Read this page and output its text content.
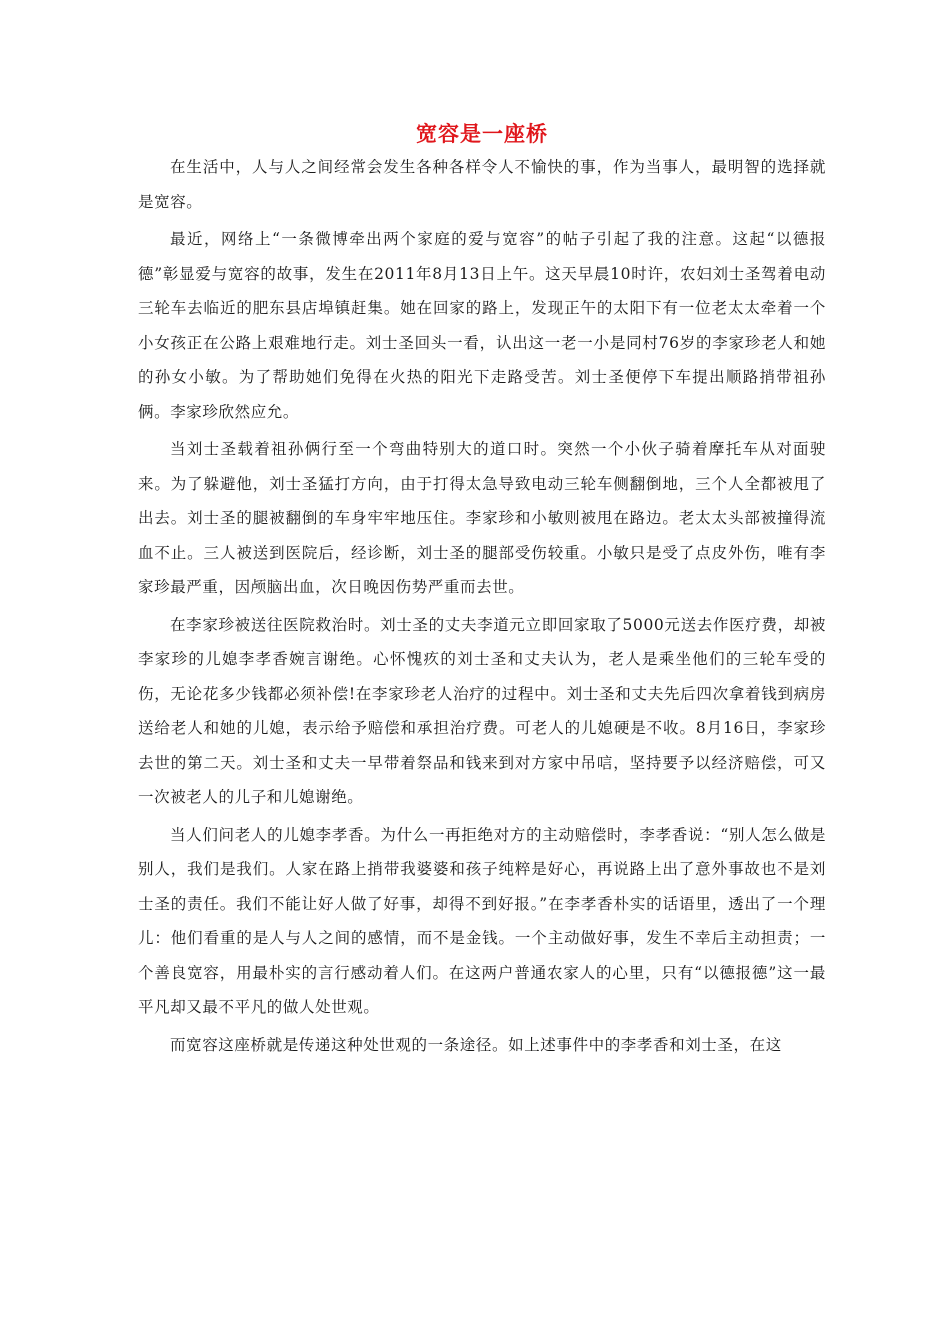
宽容是一座桥

在生活中，人与人之间经常会发生各种各样令人不愉快的事，作为当事人，最明智的选择就是宽容。

最近，网络上“一条微博牵出两个家庭的爱与宽容”的帖子引起了我的注意。这起“以德报德”彰显爱与宽容的故事，发生在2011年8月13日上午。这天早晨10时许，农妇刘士圣驾着电动三轮车去临近的肥东县店埠镇赶集。她在回家的路上，发现正午的太阳下有一位老太太牵着一个小女孩正在公路上艰难地行走。刘士圣回头一看，认出这一老一小是同村76岁的李家珍老人和她的孙女小敏。为了帮助她们免得在火热的阳光下走路受苦。刘士圣便停下车提出顺路捎带祖孙俩。李家珍欣然应允。

当刘士圣载着祖孙俩行至一个弯曲特别大的道口时。突然一个小伙子骑着摩托车从对面驶来。为了躲避他，刘士圣猛打方向，由于打得太急导致电动三轮车侧翻倒地，三个人全都被甩了出去。刘士圣的腿被翻倒的车身牢牢地压住。李家珍和小敏则被甩在路边。老太太头部被撞得流血不止。三人被送到医院后，经诊断，刘士圣的腿部受伤较重。小敏只是受了点皮外伤，唯有李家珍最严重，因颅脑出血，次日晚因伤势严重而去世。

在李家珍被送往医院救治时。刘士圣的丈夫李道元立即回家取了5000元送去作医疗费，却被李家珍的儿媳李孝香婉言谢绝。心怀愧疚的刘士圣和丈夫认为，老人是乘坐他们的三轮车受的伤，无论花多少钱都必须补偿!在李家珍老人治疗的过程中。刘士圣和丈夫先后四次拿着钱到病房送给老人和她的儿媳，表示给予赔偿和承担治疗费。可老人的儿媳硬是不收。8月16日，李家珍去世的第二天。刘士圣和丈夫一早带着祭品和钱来到对方家中吊唁，坚持要予以经济赔偿，可又一次被老人的儿子和儿媳谢绝。

当人们问老人的儿媳李孝香。为什么一再拒绝对方的主动赔偿时，李孝香说：“别人怎么做是别人，我们是我们。人家在路上捎带我婆婆和孩子纯粹是好心，再说路上出了意外事故也不是刘士圣的责任。我们不能让好人做了好事，却得不到好报。”在李孝香朴实的话语里，透出了一个理儿：他们看重的是人与人之间的感情，而不是金钱。一个主动做好事，发生不幸后主动担责；一个善良宽容，用最朴实的言行感动着人们。在这两户普通农家人的心里，只有“以德报德”这一最平凡却又最不平凡的做人处世观。

而宽容这座桥就是传递这种处世观的一条途径。如上述事件中的李孝香和刘士圣，在这
